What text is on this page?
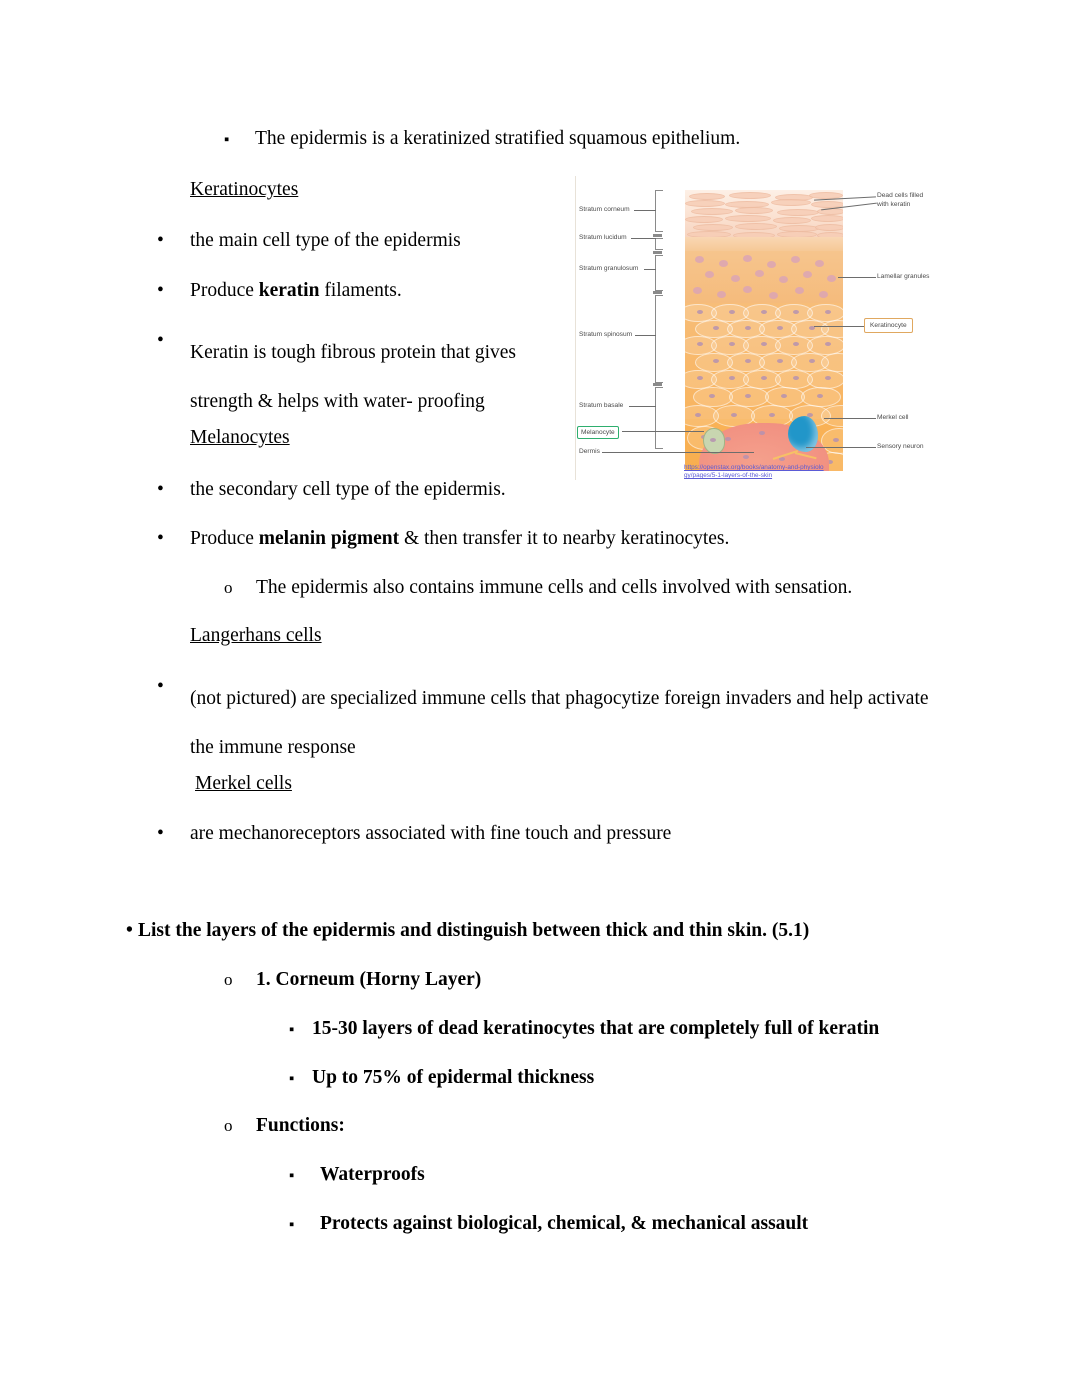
▪
The epidermis is a keratinized stratified squamous epithelium.
Keratinocytes
•
the main cell type of the epidermis
•
Produce keratin filaments.
•
Keratin is tough fibrous protein that gives strength & helps with water- proofing
Melanocytes
•
the secondary cell type of the epidermis.
•
Produce melanin pigment & then transfer it to nearby keratinocytes.
o
The epidermis also contains immune cells and cells involved with sensation.
Langerhans cells
•
(not pictured) are specialized immune cells that phagocytize foreign invaders and help activate the immune response
Merkel cells
•
are mechanoreceptors associated with fine touch and pressure
• List the layers of the epidermis and distinguish between thick and thin skin. (5.1)
o
1. Corneum (Horny Layer)
▪
15-30 layers of dead keratinocytes that are completely full of keratin
▪
Up to 75% of epidermal thickness
o
Functions:
▪
Waterproofs
▪
Protects against biological, chemical, & mechanical assault
Stratum corneum
Stratum lucidum
Stratum granulosum
Stratum spinosum
Stratum basale
Melanocyte
Dermis
Dead cells filled
with keratin
Lamellar granules
Keratinocyte
Merkel cell
Sensory neuron
https://openstax.org/books/anatomy-and-physiology/pages/5-1-layers-of-the-skin
